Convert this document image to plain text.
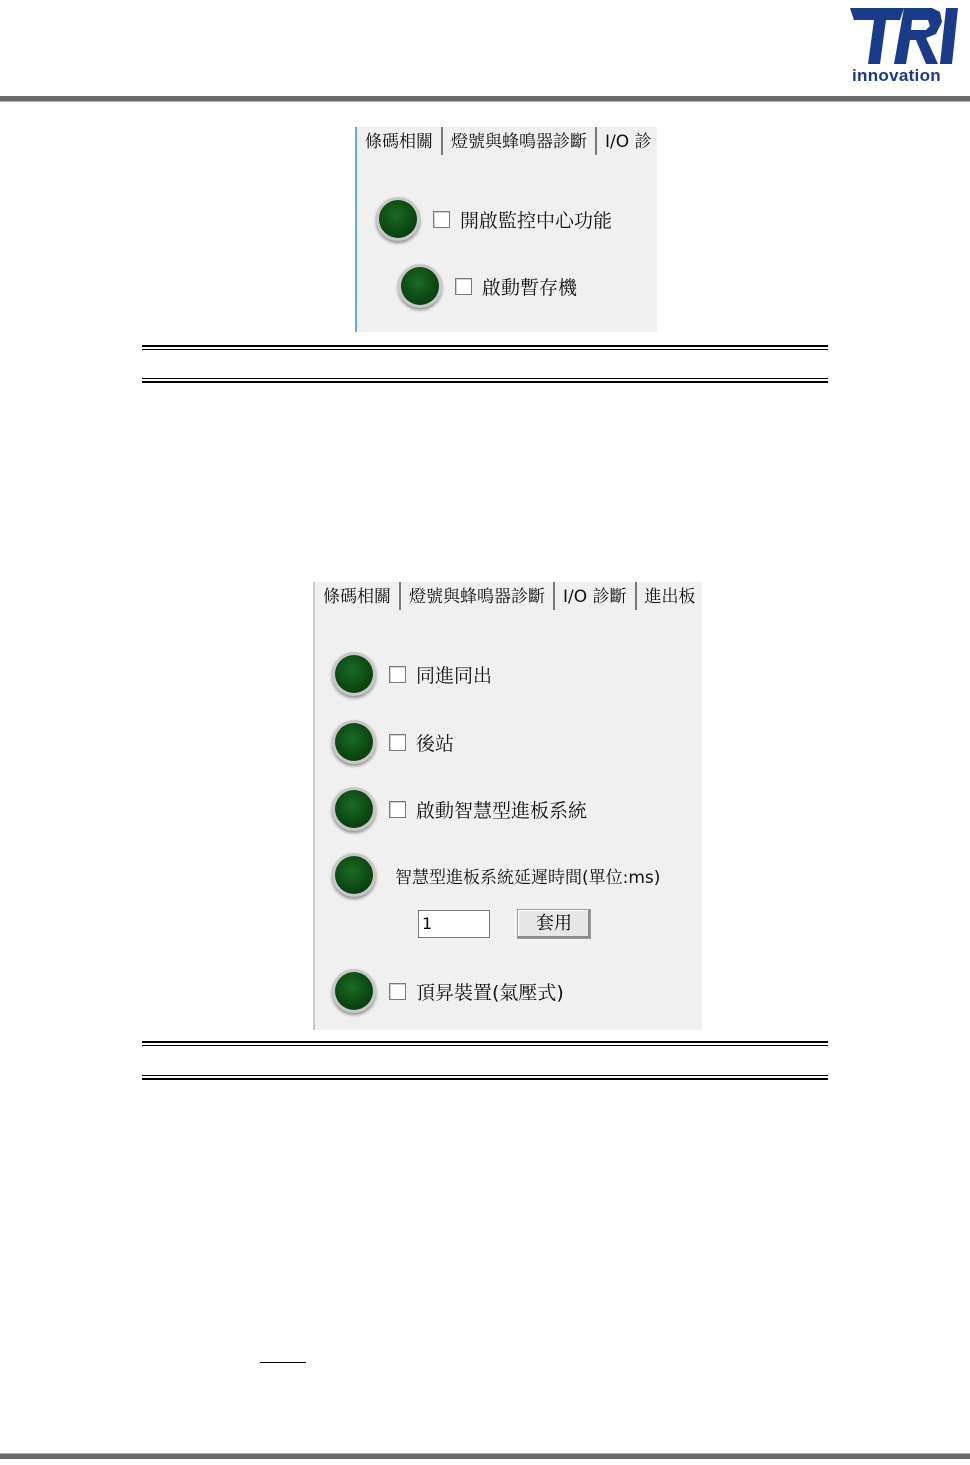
innovation
條碼相關 燈號與蜂鳴器診斷 I/O 診
開啟監控中心功能
啟動暫存機
條碼相關 燈號與蜂鳴器診斷 I/O 診斷 進出板
同進同出
後站
啟動智慧型進板系統
智慧型進板系統延遲時間(單位:ms)
1	套用
頂昇裝置(氣壓式)
